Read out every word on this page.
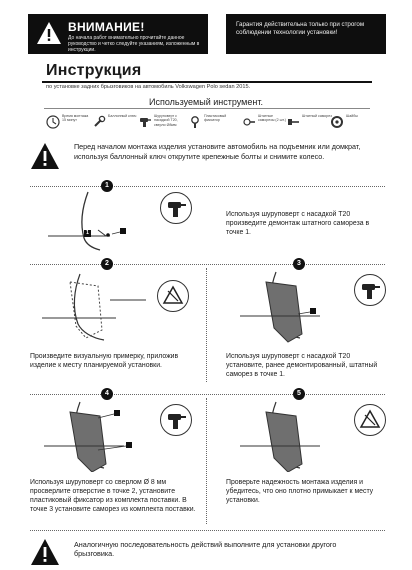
ВНИМАНИЕ!
До начала работ внимательно прочитайте данное руководство и четко следуйте указаниям, изложенным в инструкции.
Гарантия действительна только при строгом соблюдении технологии установки!
Инструкция
по установке задних брызговиков на автомобиль Volkswagen Polo sedan 2015.
Используемый инструмент.
Время монтажа 15 минут
Баллонный ключ	Шуруповерт с насадкой T20, сверло Ø8мм
Пластиковый фиксатор
Штатные саморезы (2 шт.)
Штатный саморез	Шайбы
Перед началом монтажа изделия установите автомобиль на подъемник или домкрат, используя баллонный ключ открутите крепежные болты и снимите колесо.
1
1
Используя шуруповерт с насадкой T20 произведите демонтаж штатного самореза в точке 1.
2	3
Произведите визуальную примерку, приложив изделие к месту планируемой установки.
Используя шуруповерт с насадкой T20 установите, ранее демонтированный, штатный саморез в точке 1.
4	5
Используя шуруповерт со сверлом Ø 8 мм просверлите отверстие в точке 2, установите пластиковый фиксатор из комплекта поставки. В точке 3 установите саморез из комплекта поставки.
Проверьте надежность монтажа изделия и убедитесь, что оно плотно примыкает к месту установки.
Аналогичную последовательность действий выполните для установки другого брызговика.
